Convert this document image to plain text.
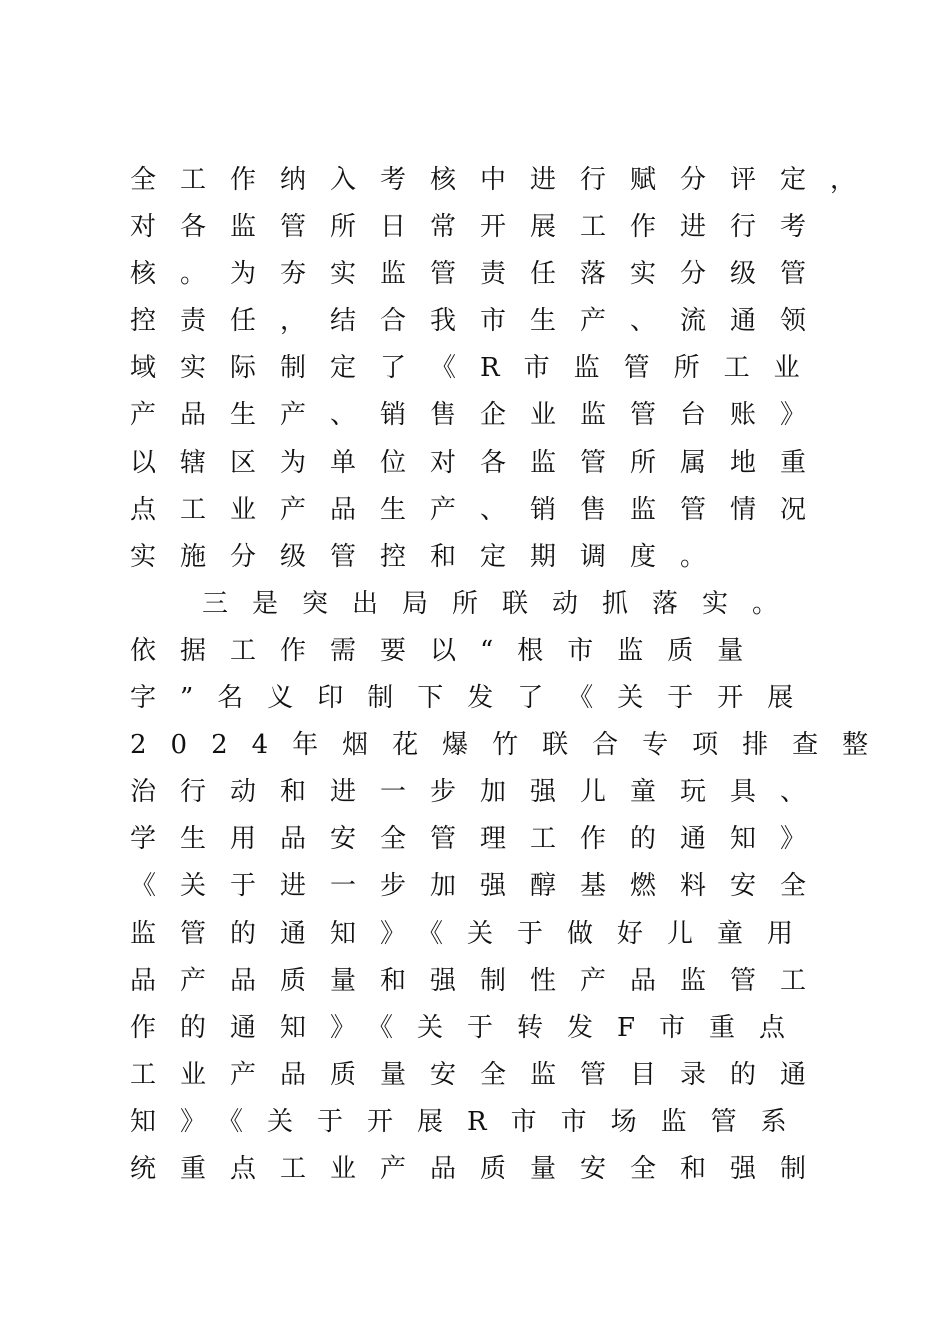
全工作纳入考核中进行赋分评定，
对各监管所日常开展工作进行考
核。为夯实监管责任落实分级管
控责任，结合我市生产、流通领
域实际制定了《R市监管所工业
产品生产、销售企业监管台账》
以辖区为单位对各监管所属地重
点工业产品生产、销售监管情况
实施分级管控和定期调度。
三是突出局所联动抓落实。
依据工作需要以“根市监质量
字”名义印制下发了《关于开展
2024年烟花爆竹联合专项排查整
治行动和进一步加强儿童玩具、
学生用品安全管理工作的通知》
《关于进一步加强醇基燃料安全
监管的通知》《关于做好儿童用
品产品质量和强制性产品监管工
作的通知》《关于转发F市重点
工业产品质量安全监管目录的通
知》《关于开展R市市场监管系
统重点工业产品质量安全和强制
